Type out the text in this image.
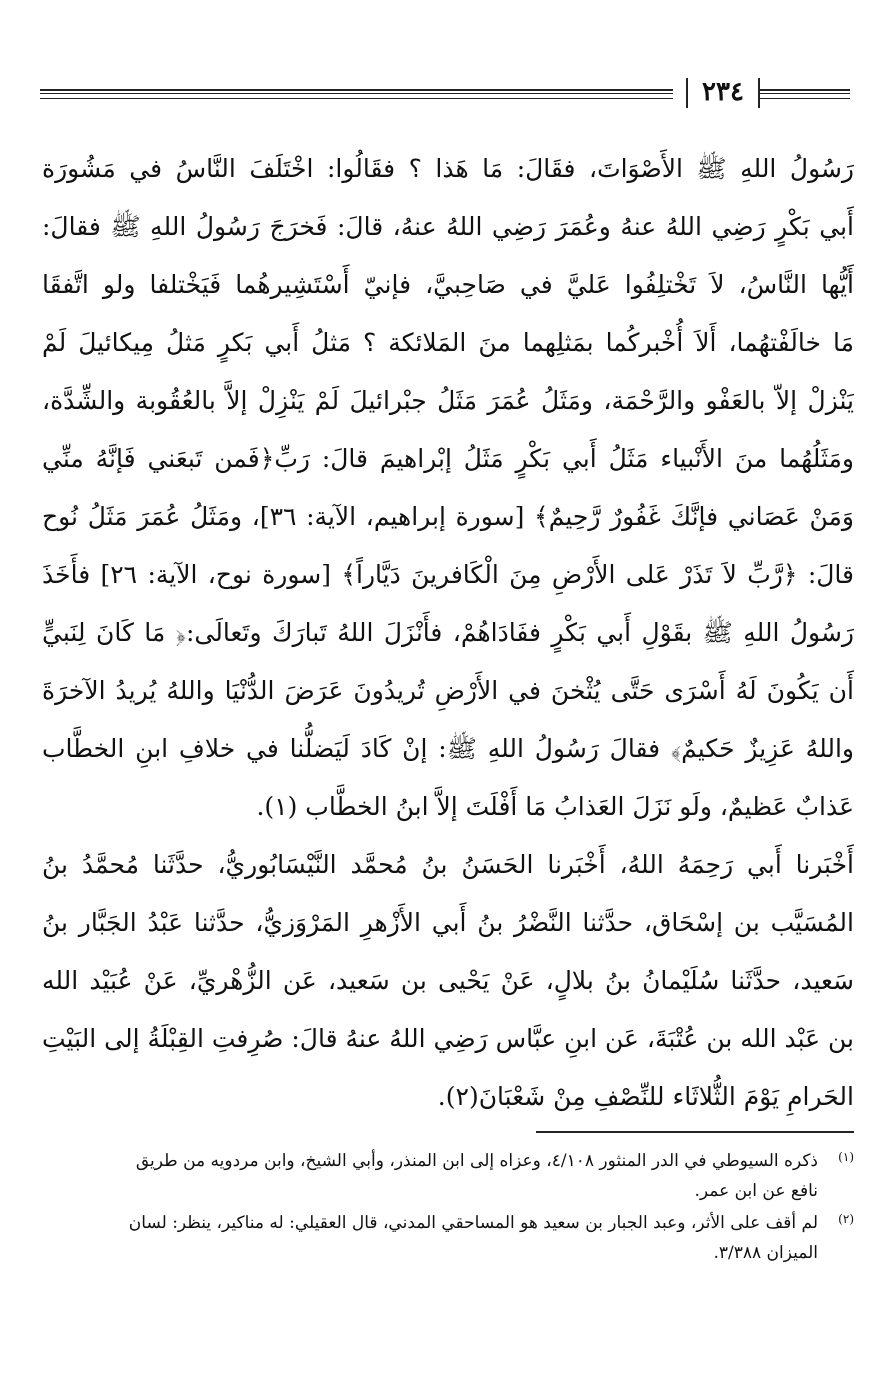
٢٣٤
رَسُولُ اللهِ ﷺ الأَصْوَاتَ، فقَالَ: مَا هَذا ؟ فقَالُوا: اخْتَلَفَ النَّاسُ في مَشُورَة
أَبي بَكْرٍ رَضِي اللهُ عنهُ وعُمَرَ رَضِي اللهُ عنهُ، قالَ: فَخرَجَ رَسُولُ اللهِ ﷺ فقالَ:
أَيُّها النَّاسُ، لاَ تَخْتلِفُوا عَليَّ في صَاحِبيَّ، فإنيّ أَسْتَشِيرهُما فَيَخْتلفا ولو اتَّفقَا
مَا خالَفْتهُما، أَلاَ أُخْبركُما بمَثلِهما منَ المَلائكة ؟ مَثلُ أَبي بَكرٍ مَثلُ مِيكائيلَ لَمْ
يَنْزلْ إلاّ بالعَفْو والرَّحْمَة، ومَثَلُ عُمَرَ مَثَلُ جبْرائيلَ لَمْ يَنْزِلْ إلاَّ بالعُقُوبة والشِّدَّة،
ومَثَلُهُما منَ الأَنْبياء مَثَلُ أَبي بَكْرٍ مَثَلُ إبْراهيمَ قالَ: رَبِّ﴿فَمن تَبعَني فَإنَّهُ منِّي
وَمَنْ عَصَاني فإنَّكَ غَفُورٌ رَّحِيمٌ﴾ [سورة إبراهيم، الآية: ٣٦]، ومَثَلُ عُمَرَ مَثَلُ نُوح
قالَ: ﴿رَّبِّ لاَ تَذَرْ عَلى الأَرْضِ مِنَ الْكَافرينَ دَيَّاراً﴾ [سورة نوح، الآية: ٢٦] فأَخَذَ
رَسُولُ اللهِ ﷺ بقَوْلِ أَبي بَكْرٍ ففَادَاهُمْ، فأَنْزَلَ اللهُ تَبارَكَ وتَعالَى:﴿ مَا كَانَ لِنَبيٍّ
أَن يَكُونَ لَهُ أَسْرَى حَتَّى يُثْخنَ في الأَرْضِ تُريدُونَ عَرَضَ الدُّنْيَا واللهُ يُريدُ الآخرَةَ
واللهُ عَزِيزٌ حَكيمٌ﴾ فقالَ رَسُولُ اللهِ ﷺ: إنْ كَادَ لَيَضلُّنا في خلافِ ابنِ الخطَّاب
عَذابٌ عَظيمٌ، ولَو نَزَلَ العَذابُ مَا أَفْلَتَ إلاَّ ابنُ الخطَّاب (١).
أَخْبَرنا أَبي رَحِمَهُ اللهُ، أَخْبَرنا الحَسَنُ بنُ مُحمَّد النَّيْسَابُوريُّ، حدَّثَنا مُحمَّدُ بنُ
المُسَيَّب بن إسْحَاق، حدَّثنا النَّضْرُ بنُ أَبي الأَزْهرِ المَرْوَزيُّ، حدَّثنا عَبْدُ الجَبَّار بنُ
سَعيد، حدَّثَنا سُلَيْمانُ بنُ بلالٍ، عَنْ يَحْيى بن سَعيد، عَن الزُّهْريِّ، عَنْ عُبَيْد الله
بن عَبْد الله بن عُتْبَةَ، عَن ابنِ عبَّاس رَضِي اللهُ عنهُ قالَ: صُرِفتِ القِبْلَةُ إلى البَيْتِ
الحَرامِ يَوْمَ الثُّلاثَاء للنِّصْفِ مِنْ شَعْبَانَ(٢).
(١)
ذكره السيوطي في الدر المنثور ٤/١٠٨، وعزاه إلى ابن المنذر، وأبي الشيخ، وابن مردويه من طريق
نافع عن ابن عمر.
(٢)
لم أقف على الأثر، وعبد الجبار بن سعيد هو المساحقي المدني، قال العقيلي: له مناكير، ينظر: لسان
الميزان ٣/٣٨٨.
